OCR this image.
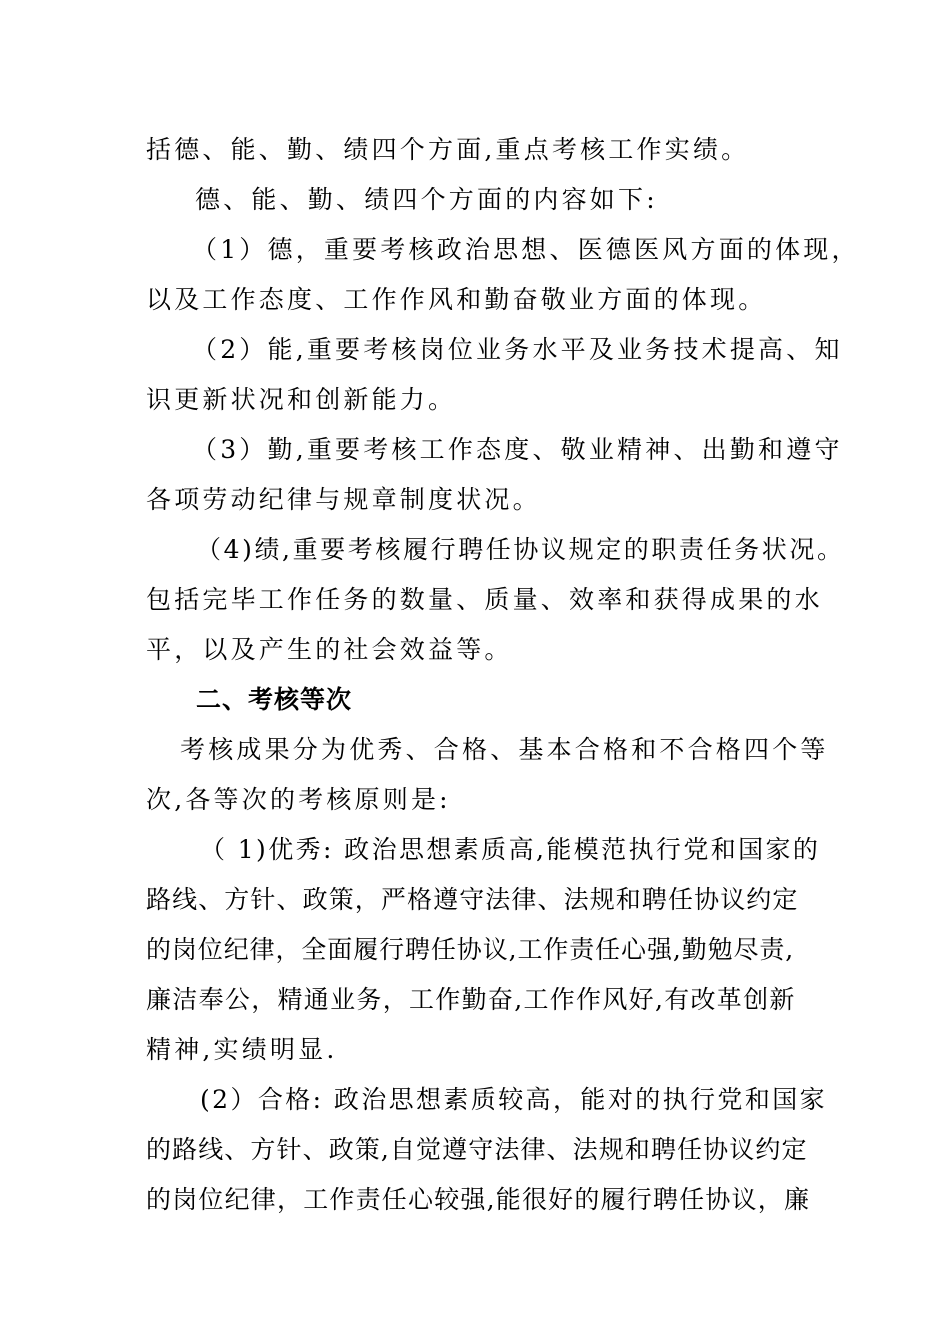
括德、能、勤、绩四个方面,重点考核工作实绩。
德、能、勤、绩四个方面的内容如下:
（1）德，重要考核政治思想、医德医风方面的体现，
以及工作态度、工作作风和勤奋敬业方面的体现。
（2）能,重要考核岗位业务水平及业务技术提高、知
识更新状况和创新能力。
（3）勤,重要考核工作态度、敬业精神、出勤和遵守
各项劳动纪律与规章制度状况。
（4)绩,重要考核履行聘任协议规定的职责任务状况。
包括完毕工作任务的数量、质量、效率和获得成果的水
平，以及产生的社会效益等。
二、考核等次
考核成果分为优秀、合格、基本合格和不合格四个等
次,各等次的考核原则是:
（ 1)优秀: 政治思想素质高,能模范执行党和国家的
路线、方针、政策，严格遵守法律、法规和聘任协议约定
的岗位纪律，全面履行聘任协议,工作责任心强,勤勉尽责,
廉洁奉公，精通业务，工作勤奋,工作作风好,有改革创新
精神,实绩明显.
(2）合格: 政治思想素质较高，能对的执行党和国家
的路线、方针、政策,自觉遵守法律、法规和聘任协议约定
的岗位纪律，工作责任心较强,能很好的履行聘任协议，廉
